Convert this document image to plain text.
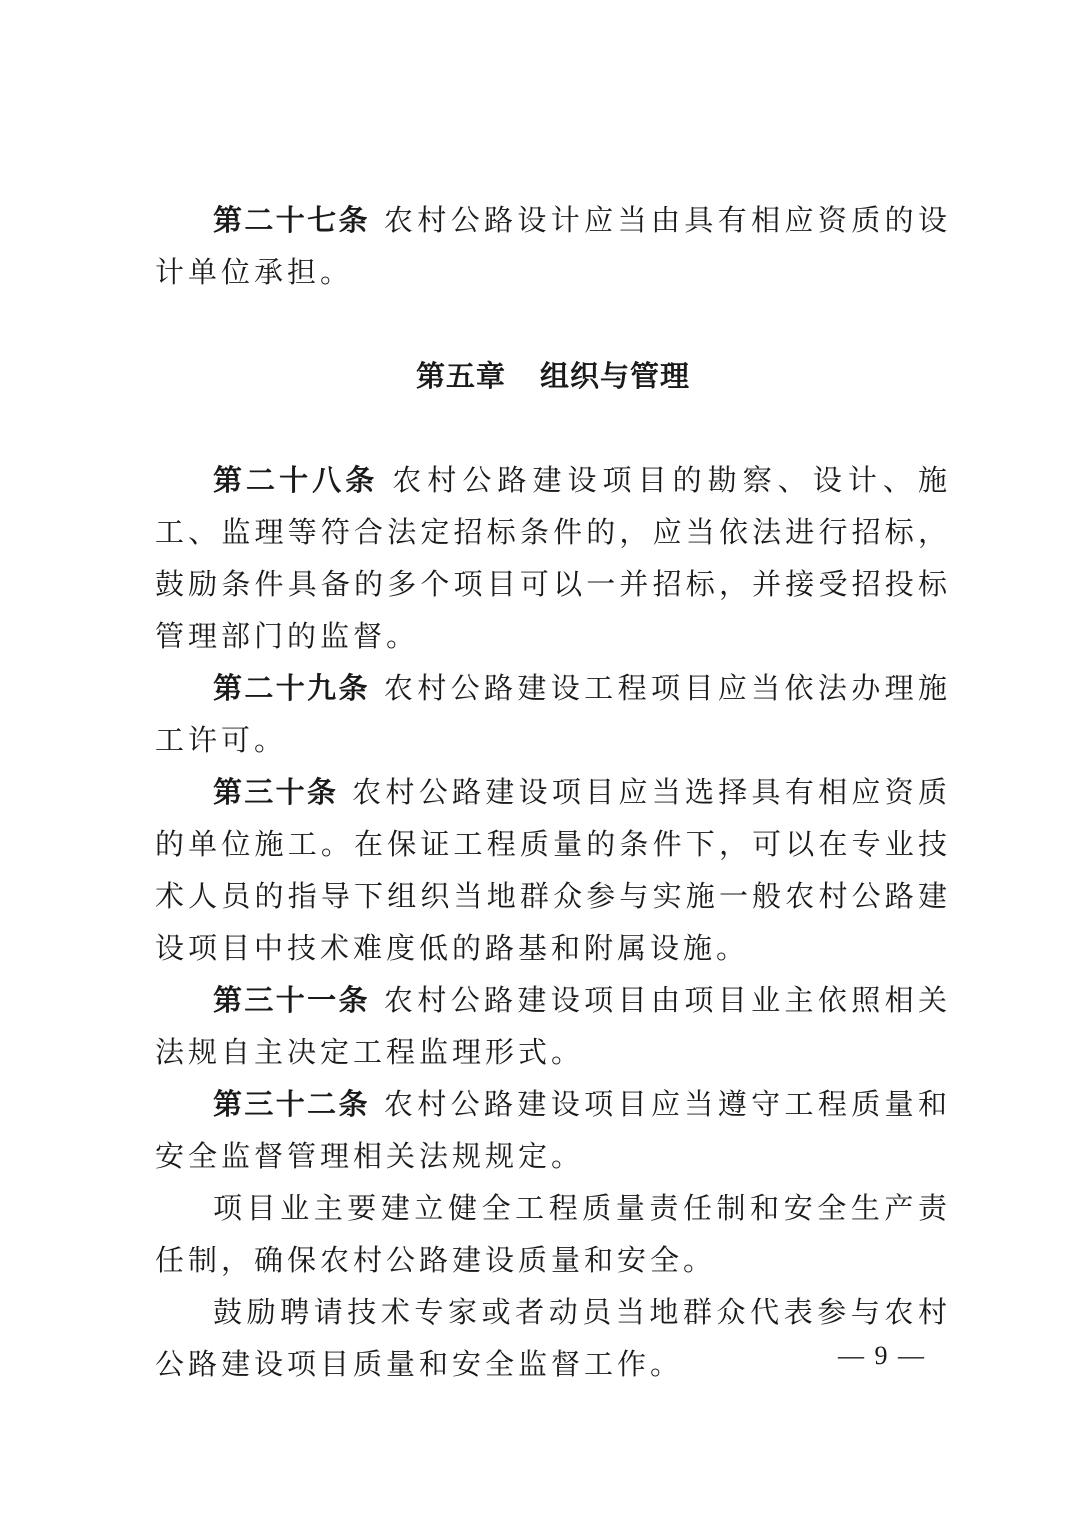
第二十七条 农村公路设计应当由具有相应资质的设计单位承担。

第五章 组织与管理

第二十八条 农村公路建设项目的勘察、设计、施工、监理等符合法定招标条件的，应当依法进行招标，鼓励条件具备的多个项目可以一并招标，并接受招投标管理部门的监督。

第二十九条 农村公路建设工程项目应当依法办理施工许可。

第三十条 农村公路建设项目应当选择具有相应资质的单位施工。在保证工程质量的条件下，可以在专业技术人员的指导下组织当地群众参与实施一般农村公路建设项目中技术难度低的路基和附属设施。

第三十一条 农村公路建设项目由项目业主依照相关法规自主决定工程监理形式。

第三十二条 农村公路建设项目应当遵守工程质量和安全监督管理相关法规规定。

项目业主要建立健全工程质量责任制和安全生产责任制，确保农村公路建设质量和安全。

鼓励聘请技术专家或者动员当地群众代表参与农村公路建设项目质量和安全监督工作。	— 9 —
